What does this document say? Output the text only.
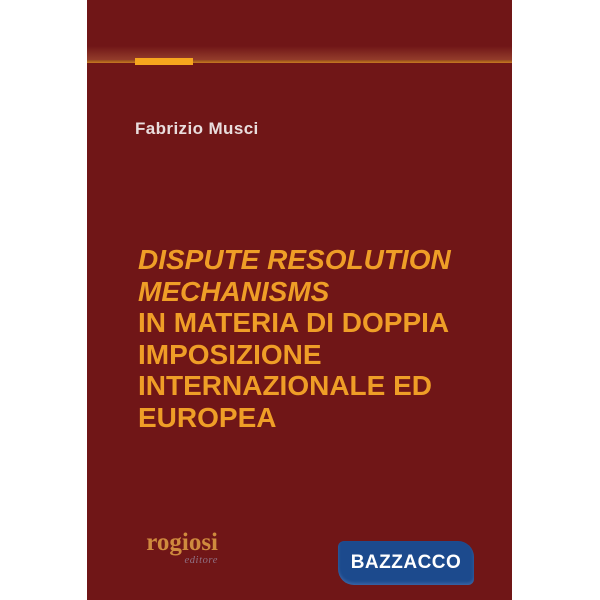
Fabrizio Musci
DISPUTE RESOLUTION
MECHANISMS
IN MATERIA DI DOPPIA
IMPOSIZIONE
INTERNAZIONALE ED
EUROPEA
rogiosi
editore	BAZZACCO
